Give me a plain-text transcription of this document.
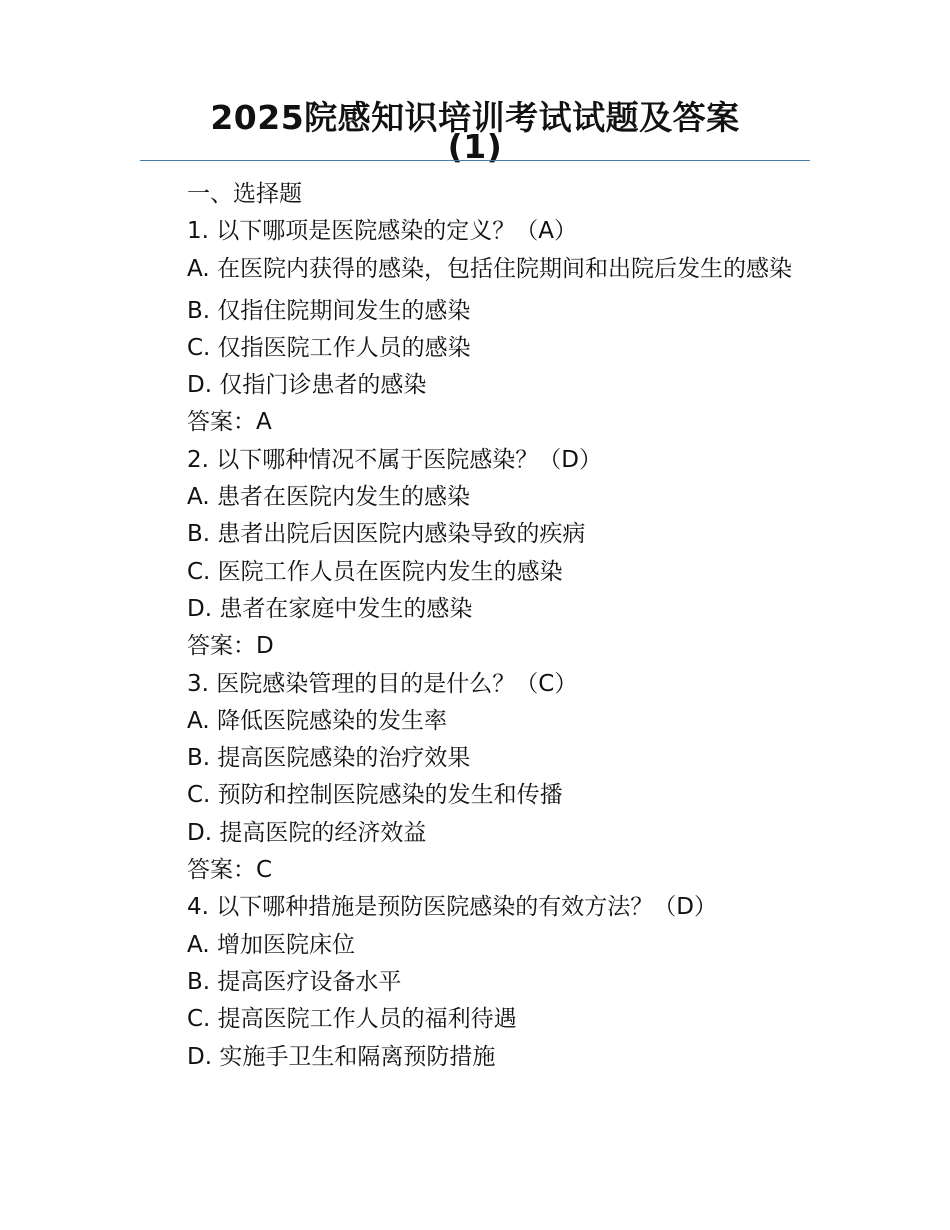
2025院感知识培训考试试题及答案
(1)
一、选择题
1. 以下哪项是医院感染的定义？（A）
A. 在医院内获得的感染，包括住院期间和出院后发生的感染
B. 仅指住院期间发生的感染
C. 仅指医院工作人员的感染
D. 仅指门诊患者的感染
答案：A
2. 以下哪种情况不属于医院感染？（D）
A. 患者在医院内发生的感染
B. 患者出院后因医院内感染导致的疾病
C. 医院工作人员在医院内发生的感染
D. 患者在家庭中发生的感染
答案：D
3. 医院感染管理的目的是什么？（C）
A. 降低医院感染的发生率
B. 提高医院感染的治疗效果
C. 预防和控制医院感染的发生和传播
D. 提高医院的经济效益
答案：C
4. 以下哪种措施是预防医院感染的有效方法？（D）
A. 增加医院床位
B. 提高医疗设备水平
C. 提高医院工作人员的福利待遇
D. 实施手卫生和隔离预防措施
